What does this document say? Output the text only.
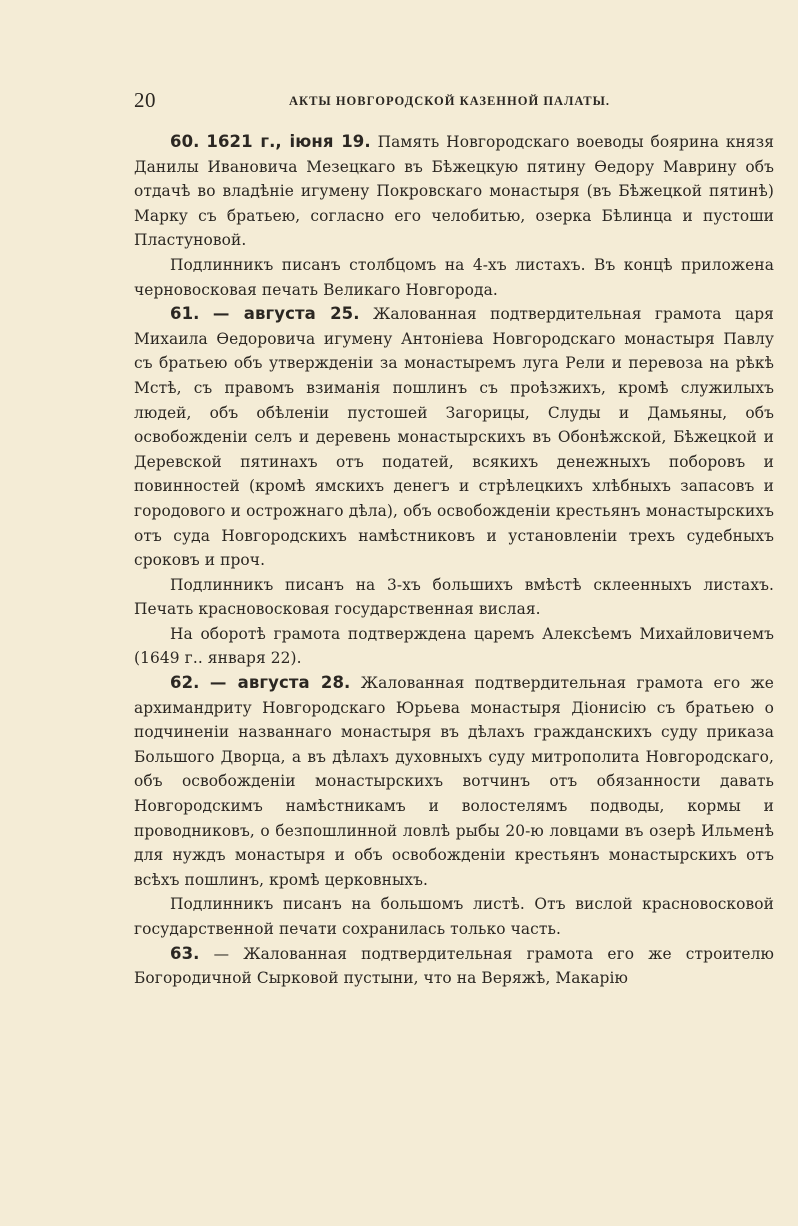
20	АКТЫ НОВГОРОДСКОЙ КАЗЕННОЙ ПАЛАТЫ.

60. 1621 г., iюня 19. Память Новгородскаго воеводы боярина князя Данилы Ивановича Мезецкаго въ Бѣжецкую пятину Ѳедору Маврину объ отдачѣ во владѣнiе игумену Покровскаго монастыря (въ Бѣжецкой пятинѣ) Марку съ братьею, согласно его челобитью, озерка Бѣлинца и пустоши Пластуновой.

Подлинникъ писанъ столбцомъ на 4-хъ листахъ. Въ концѣ приложена черновосковая печать Великаго Новгорода.

61. — августа 25. Жалованная подтвердительная грамота царя Михаила Ѳедоровича игумену Антонiева Новгородскаго монастыря Павлу съ братьею объ утвержденiи за монастыремъ луга Рели и перевоза на рѣкѣ Мстѣ, съ правомъ взиманiя пошлинъ съ проѣзжихъ, кромѣ служилыхъ людей, объ обѣленiи пустошей Загорицы, Слуды и Дамьяны, объ освобожденiи селъ и деревень монастырскихъ въ Обонѣжской, Бѣжецкой и Деревской пятинахъ отъ податей, всякихъ денежныхъ поборовъ и повинностей (кромѣ ямскихъ денегъ и стрѣлецкихъ хлѣбныхъ запасовъ и городового и острожнаго дѣла), объ освобожденiи крестьянъ монастырскихъ отъ суда Новгородскихъ намѣстниковъ и установленiи трехъ судебныхъ сроковъ и проч.

Подлинникъ писанъ на 3-хъ большихъ вмѣстѣ склеенныхъ листахъ. Печать красновосковая государственная вислая.

На оборотѣ грамота подтверждена царемъ Алексѣемъ Михайловичемъ (1649 г.. января 22).

62. — августа 28. Жалованная подтвердительная грамота его же архимандриту Новгородскаго Юрьева монастыря Дiонисiю съ братьею о подчиненiи названнаго монастыря въ дѣлахъ гражданскихъ суду приказа Большого Дворца, а въ дѣлахъ духовныхъ суду митрополита Новгородскаго, объ освобожденiи монастырскихъ вотчинъ отъ обязанности давать Новгородскимъ намѣстникамъ и волостелямъ подводы, кормы и проводниковъ, о безпошлинной ловлѣ рыбы 20-ю ловцами въ озерѣ Ильменѣ для нуждъ монастыря и объ освобожденiи крестьянъ монастырскихъ отъ всѣхъ пошлинъ, кромѣ церковныхъ.

Подлинникъ писанъ на большомъ листѣ. Отъ вислой красновосковой государственной печати сохранилась только часть.

63. — Жалованная подтвердительная грамота его же строителю Богородичной Сырковой пустыни, что на Веряжѣ, Макарiю
